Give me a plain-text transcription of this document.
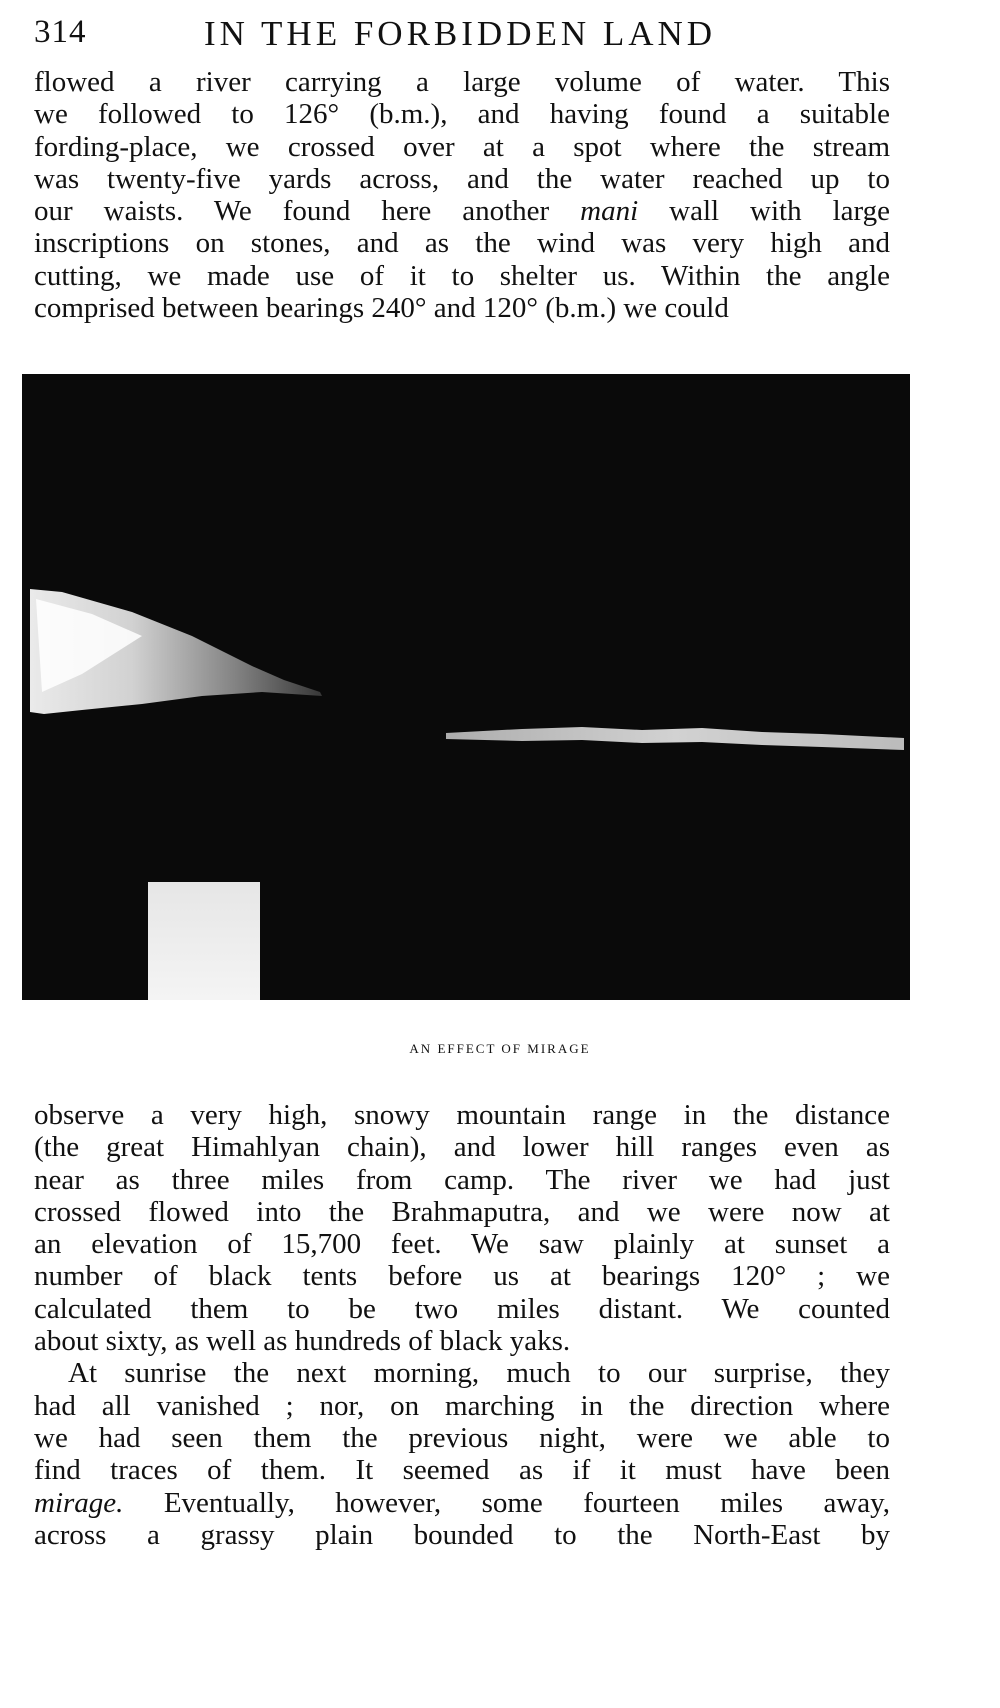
314	IN THE FORBIDDEN LAND
flowed a river carrying a large volume of water. This
we followed to 126° (b.m.), and having found a suitable
fording-place, we crossed over at a spot where the stream
was twenty-five yards across, and the water reached up to
our waists. We found here another mani wall with large
inscriptions on stones, and as the wind was very high and
cutting, we made use of it to shelter us. Within the angle
comprised between bearings 240° and 120° (b.m.) we could
AN EFFECT OF MIRAGE
observe a very high, snowy mountain range in the distance
(the great Himahlyan chain), and lower hill ranges even as
near as three miles from camp. The river we had just
crossed flowed into the Brahmaputra, and we were now at
an elevation of 15,700 feet. We saw plainly at sunset a
number of black tents before us at bearings 120° ; we
calculated them to be two miles distant. We counted
about sixty, as well as hundreds of black yaks.
At sunrise the next morning, much to our surprise, they
had all vanished ; nor, on marching in the direction where
we had seen them the previous night, were we able to
find traces of them. It seemed as if it must have been
mirage. Eventually, however, some fourteen miles away,
across a grassy plain bounded to the North-East by
